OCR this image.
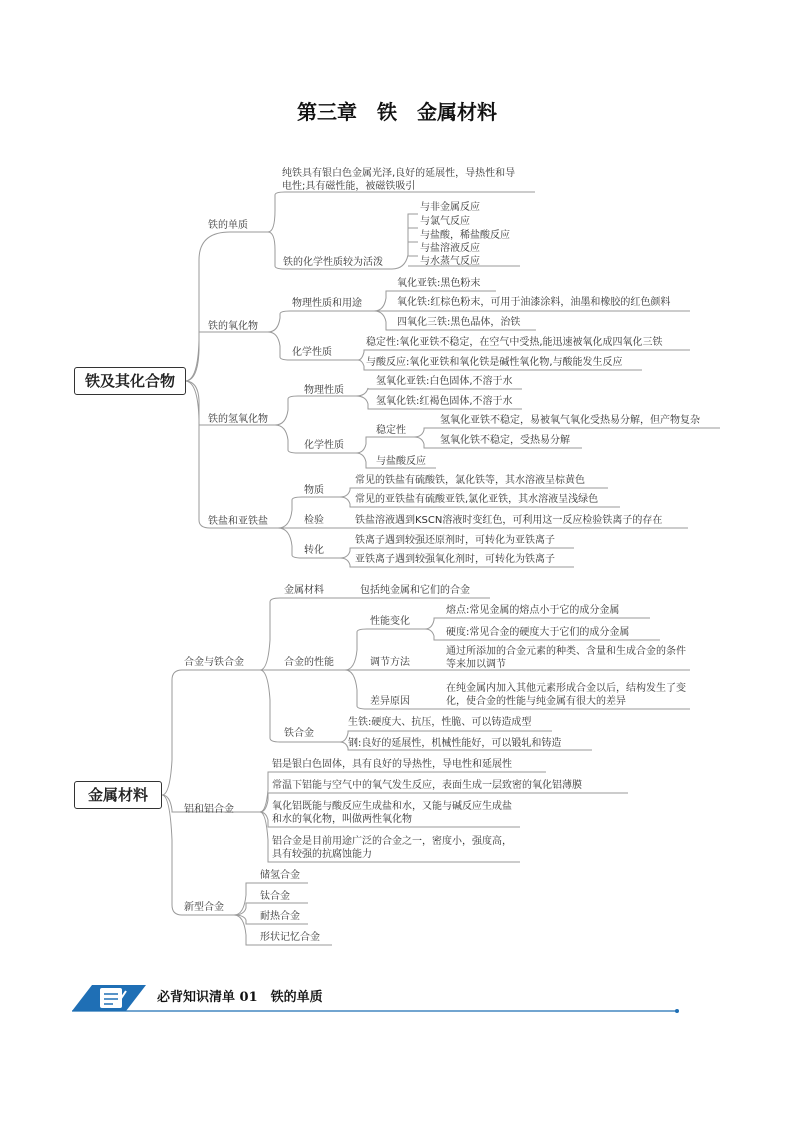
第三章　铁　金属材料
铁及其化合物
金属材料
铁的单质
纯铁具有银白色金属光泽,良好的延展性，导热性和导电性;具有磁性能，被磁铁吸引
铁的化学性质较为活泼
与非金属反应
与氯气反应
与盐酸，稀盐酸反应
与盐溶液反应
与水蒸气反应
铁的氧化物
物理性质和用途
氧化亚铁:黑色粉末
氧化铁:红棕色粉末，可用于油漆涂料，油墨和橡胶的红色颜料
四氧化三铁:黑色晶体，治铁
化学性质
稳定性:氧化亚铁不稳定，在空气中受热,能迅速被氧化成四氧化三铁
与酸反应:氧化亚铁和氧化铁是碱性氧化物,与酸能发生反应
铁的氢氧化物
物理性质
氢氧化亚铁:白色固体,不溶于水
氢氧化铁:红褐色固体,不溶于水
化学性质
稳定性
氢氧化亚铁不稳定，易被氧气氧化受热易分解，但产物复杂
氢氧化铁不稳定，受热易分解
与盐酸反应
铁盐和亚铁盐
物质
常见的铁盐有硫酸铁，氯化铁等，其水溶液呈棕黄色
常见的亚铁盐有硫酸亚铁,氯化亚铁，其水溶液呈浅绿色
检验	铁盐溶液遇到KSCN溶液时变红色，可利用这一反应检验铁离子的存在
转化
铁离子遇到较强还原剂时，可转化为亚铁离子
亚铁离子遇到较强氧化剂时，可转化为铁离子
合金与铁合金
金属材料	包括纯金属和它们的合金
合金的性能
性能变化
熔点:常见金属的熔点小于它的成分金属
硬度:常见合金的硬度大于它们的成分金属
调节方法
通过所添加的合金元素的种类、含量和生成合金的条件等来加以调节
差异原因
在纯金属内加入其他元素形成合金以后，结构发生了变化，使合金的性能与纯金属有很大的差异
铁合金
生铁:硬度大、抗压，性脆、可以铸造成型
钢:良好的延展性，机械性能好，可以锻轧和铸造
铝和铝合金
铝是银白色固体，具有良好的导热性，导电性和延展性
常温下铝能与空气中的氧气发生反应，表面生成一层致密的氧化铝薄膜
氧化铝既能与酸反应生成盐和水，又能与碱反应生成盐和水的氧化物，叫做两性氧化物
铝合金是目前用途广泛的合金之一，密度小，强度高，具有较强的抗腐蚀能力
新型合金
储氢合金
钛合金
耐热合金
形状记忆合金
必背知识清单 01　铁的单质
